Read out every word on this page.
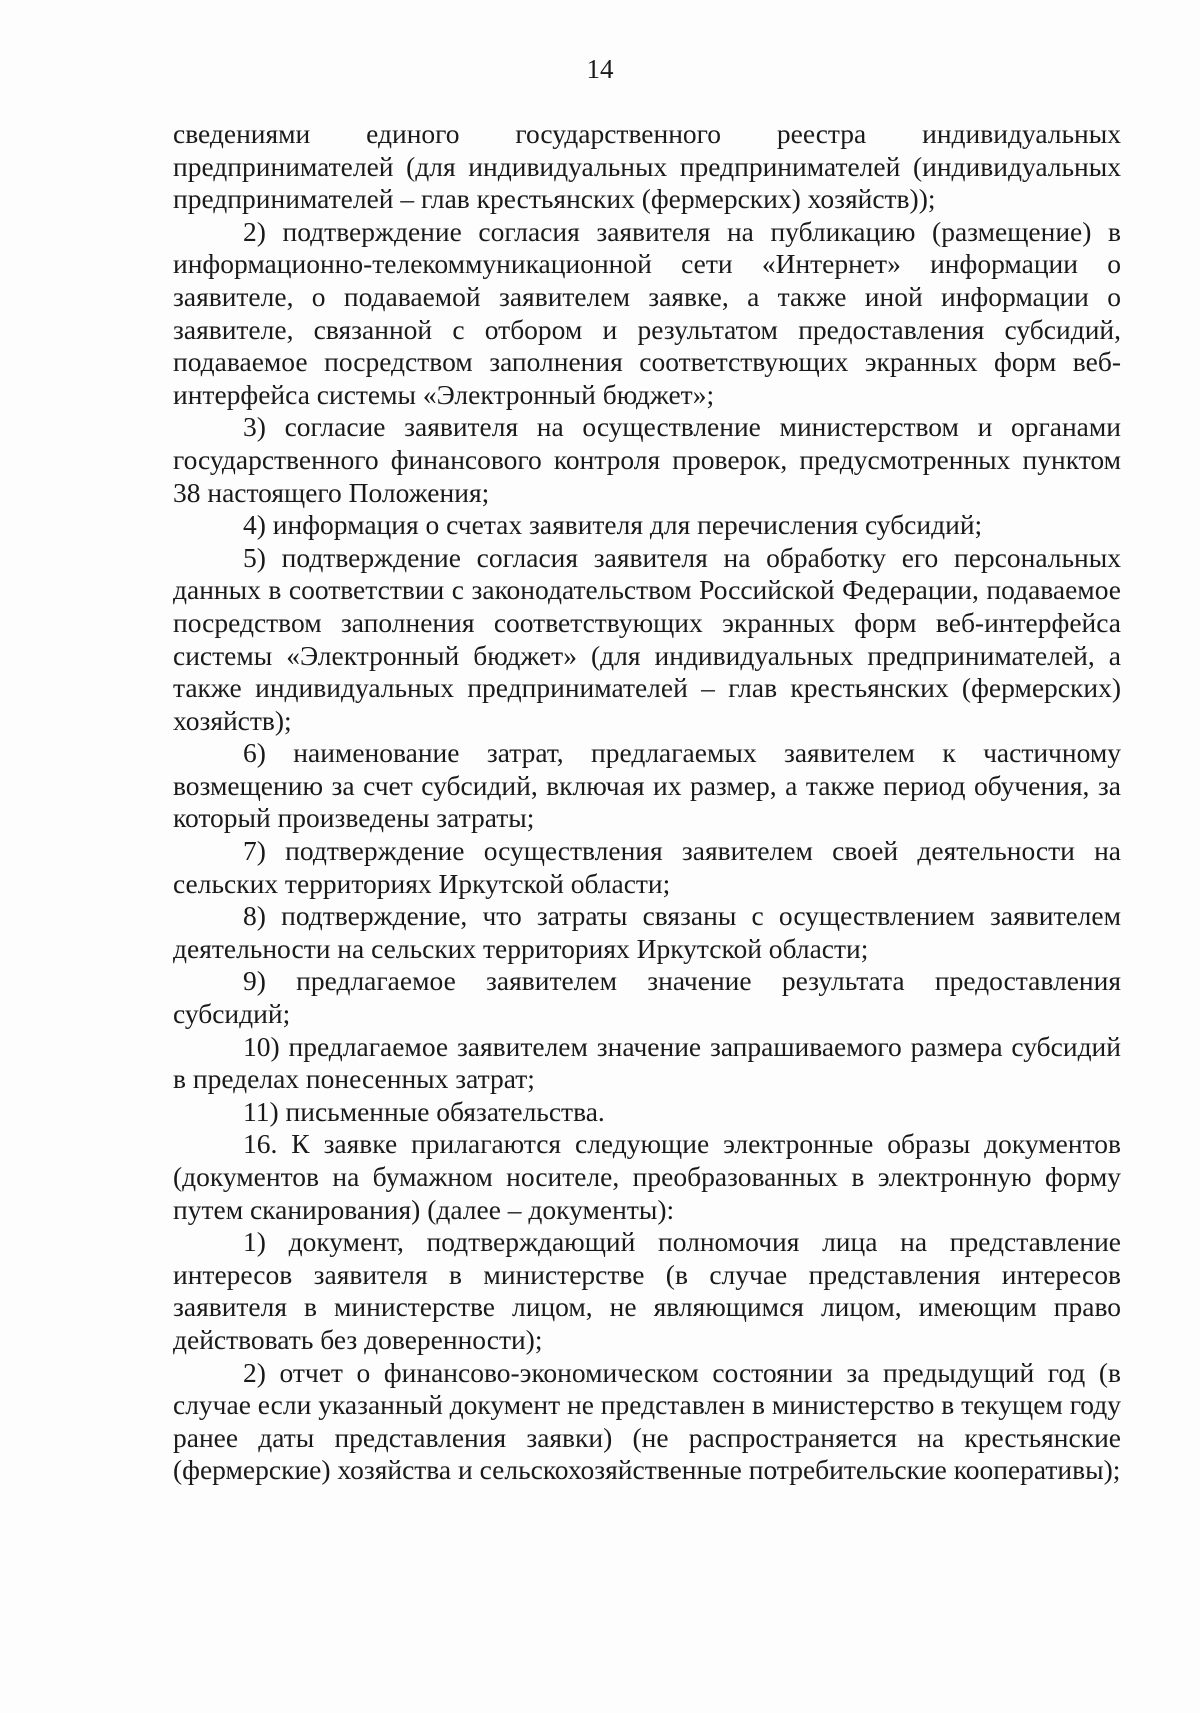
14

сведениями единого государственного реестра индивидуальных предпринимателей (для индивидуальных предпринимателей (индивидуальных предпринимателей – глав крестьянских (фермерских) хозяйств));

2) подтверждение согласия заявителя на публикацию (размещение) в информационно-телекоммуникационной сети «Интернет» информации о заявителе, о подаваемой заявителем заявке, а также иной информации о заявителе, связанной с отбором и результатом предоставления субсидий, подаваемое посредством заполнения соответствующих экранных форм веб-интерфейса системы «Электронный бюджет»;

3) согласие заявителя на осуществление министерством и органами государственного финансового контроля проверок, предусмотренных пунктом 38 настоящего Положения;

4) информация о счетах заявителя для перечисления субсидий;

5) подтверждение согласия заявителя на обработку его персональных данных в соответствии с законодательством Российской Федерации, подаваемое посредством заполнения соответствующих экранных форм веб-интерфейса системы «Электронный бюджет» (для индивидуальных предпринимателей, а также индивидуальных предпринимателей – глав крестьянских (фермерских) хозяйств);

6) наименование затрат, предлагаемых заявителем к частичному возмещению за счет субсидий, включая их размер, а также период обучения, за который произведены затраты;

7) подтверждение осуществления заявителем своей деятельности на сельских территориях Иркутской области;

8) подтверждение, что затраты связаны с осуществлением заявителем деятельности на сельских территориях Иркутской области;

9) предлагаемое заявителем значение результата предоставления субсидий;

10) предлагаемое заявителем значение запрашиваемого размера субсидий в пределах понесенных затрат;

11) письменные обязательства.

16. К заявке прилагаются следующие электронные образы документов (документов на бумажном носителе, преобразованных в электронную форму путем сканирования) (далее – документы):

1) документ, подтверждающий полномочия лица на представление интересов заявителя в министерстве (в случае представления интересов заявителя в министерстве лицом, не являющимся лицом, имеющим право действовать без доверенности);

2) отчет о финансово-экономическом состоянии за предыдущий год (в случае если указанный документ не представлен в министерство в текущем году ранее даты представления заявки) (не распространяется на крестьянские (фермерские) хозяйства и сельскохозяйственные потребительские кооперативы);
